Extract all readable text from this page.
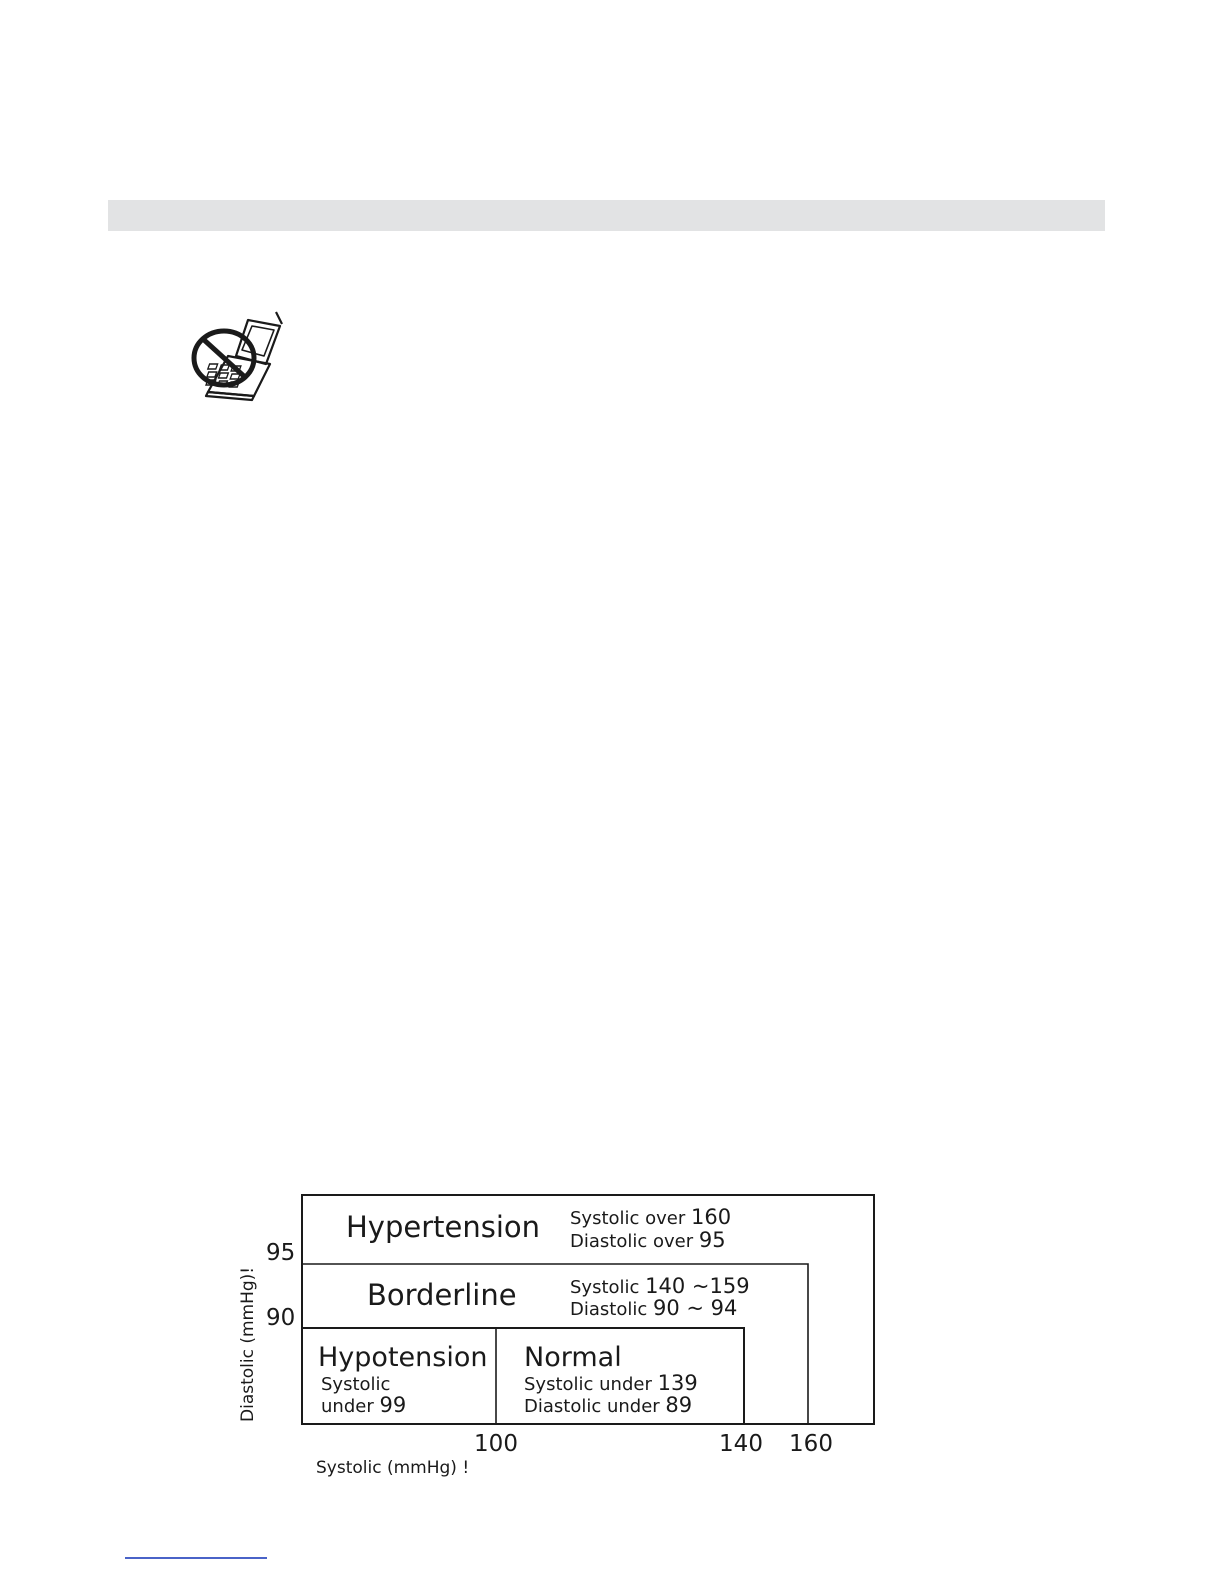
Hypertension Systolic over 160
Diastolic over 95
Borderline	Systolic 140 ~159
Diastolic 90 ~ 94
Hypotension
Systolic
under 99
Normal
Systolic under 139
Diastolic under 89
95
90
100	140 160
Systolic (mmHg) !
Diastolic (mmHg)!
